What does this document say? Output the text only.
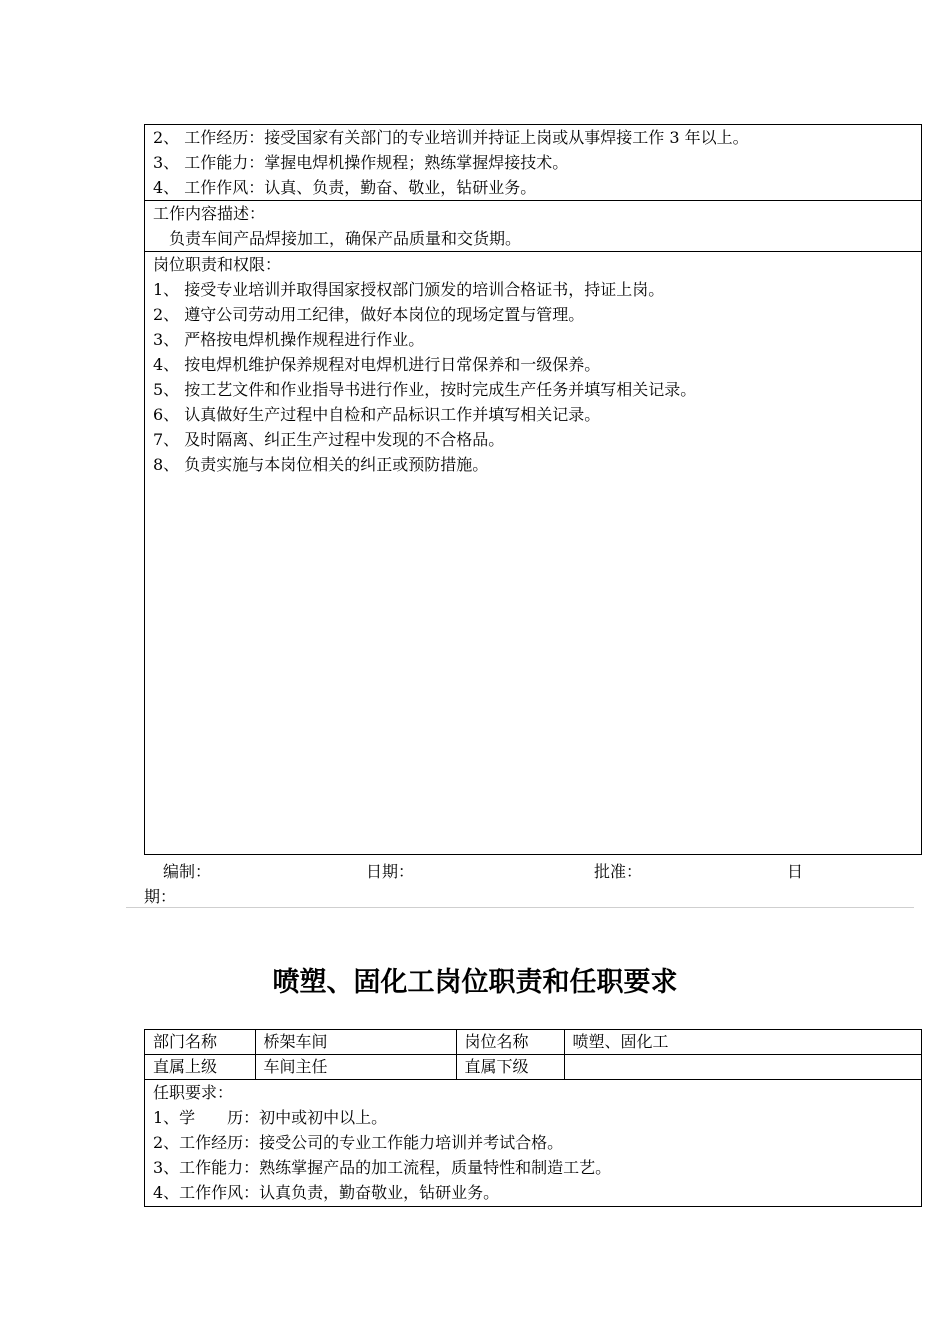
2、 工作经历：接受国家有关部门的专业培训并持证上岗或从事焊接工作 3 年以上。
3、 工作能力：掌握电焊机操作规程；熟练掌握焊接技术。
4、 工作作风：认真、负责，勤奋、敬业，钻研业务。
工作内容描述：
负责车间产品焊接加工，确保产品质量和交货期。
岗位职责和权限：
1、 接受专业培训并取得国家授权部门颁发的培训合格证书，持证上岗。
2、 遵守公司劳动用工纪律，做好本岗位的现场定置与管理。
3、 严格按电焊机操作规程进行作业。
4、 按电焊机维护保养规程对电焊机进行日常保养和一级保养。
5、 按工艺文件和作业指导书进行作业，按时完成生产任务并填写相关记录。
6、 认真做好生产过程中自检和产品标识工作并填写相关记录。
7、 及时隔离、纠正生产过程中发现的不合格品。
8、 负责实施与本岗位相关的纠正或预防措施。
编制：	日期：	批准：	日
期：
喷塑、固化工岗位职责和任职要求
部门名称	桥架车间	岗位名称	喷塑、固化工
直属上级	车间主任	直属下级	
任职要求：
1、学　　历：初中或初中以上。
2、工作经历：接受公司的专业工作能力培训并考试合格。
3、工作能力：熟练掌握产品的加工流程，质量特性和制造工艺。
4、工作作风：认真负责，勤奋敬业，钻研业务。
